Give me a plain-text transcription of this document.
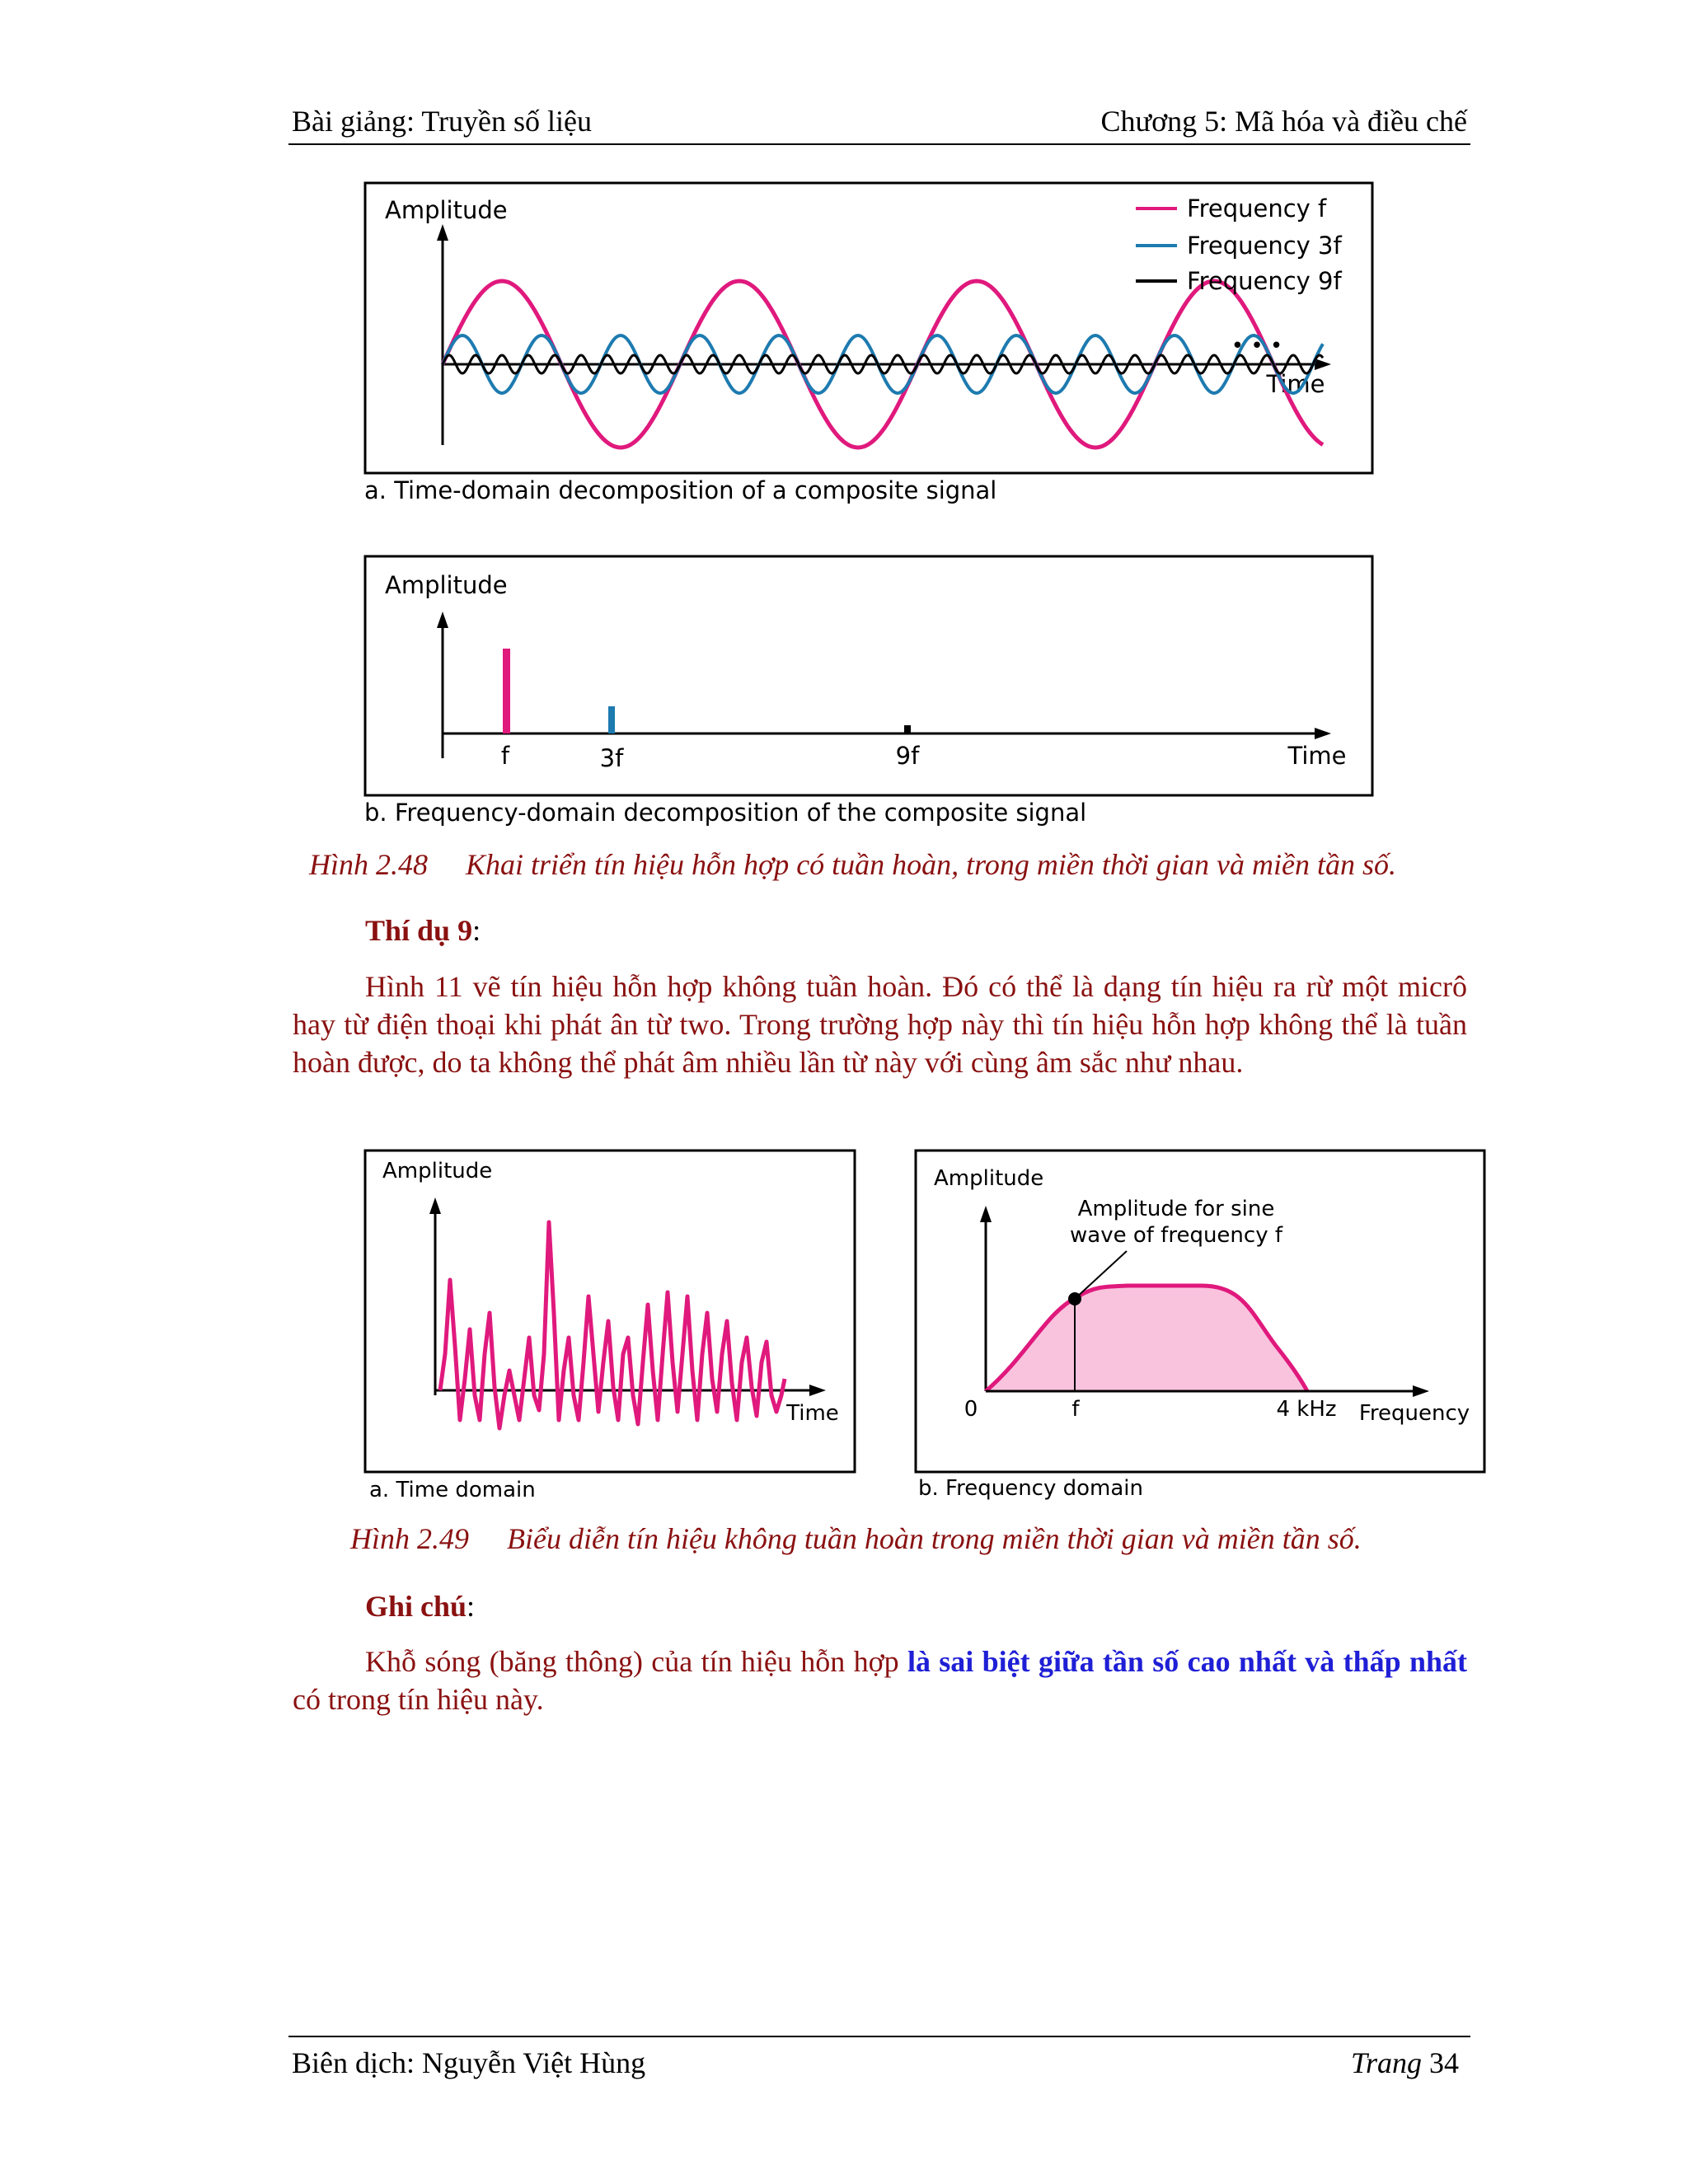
Bài giảng: Truyền số liệu	Chương 5: Mã hóa và điều chế
Amplitude
Time
• • •
Frequency f
Frequency 3f
Frequency 9f
a. Time-domain decomposition of a composite signal
Amplitude
f	3f	9f	Time
b. Frequency-domain decomposition of the composite signal
Hình 2.48 Khai triển tín hiệu hỗn hợp có tuần hoàn, trong miền thời gian và miền tần số.
Thí dụ 9:
Hình 11 vẽ tín hiệu hỗn hợp không tuần hoàn. Đó có thể là dạng tín hiệu ra rừ một micrô hay từ điện thoại khi phát ân từ two. Trong trường hợp này thì tín hiệu hỗn hợp không thể là tuần hoàn được, do ta không thể phát âm nhiều lần từ này với cùng âm sắc như nhau.
Amplitude
Time
a. Time domain
Amplitude
Amplitude for sine
wave of frequency f
0	f	4 kHz Frequency
b. Frequency domain
Hình 2.49 Biểu diễn tín hiệu không tuần hoàn trong miền thời gian và miền tần số.
Ghi chú:
Khỗ sóng (băng thông) của tín hiệu hỗn hợp là sai biệt giữa tần số cao nhất và thấp nhất có trong tín hiệu này.
Biên dịch: Nguyễn Việt Hùng	Trang 34
